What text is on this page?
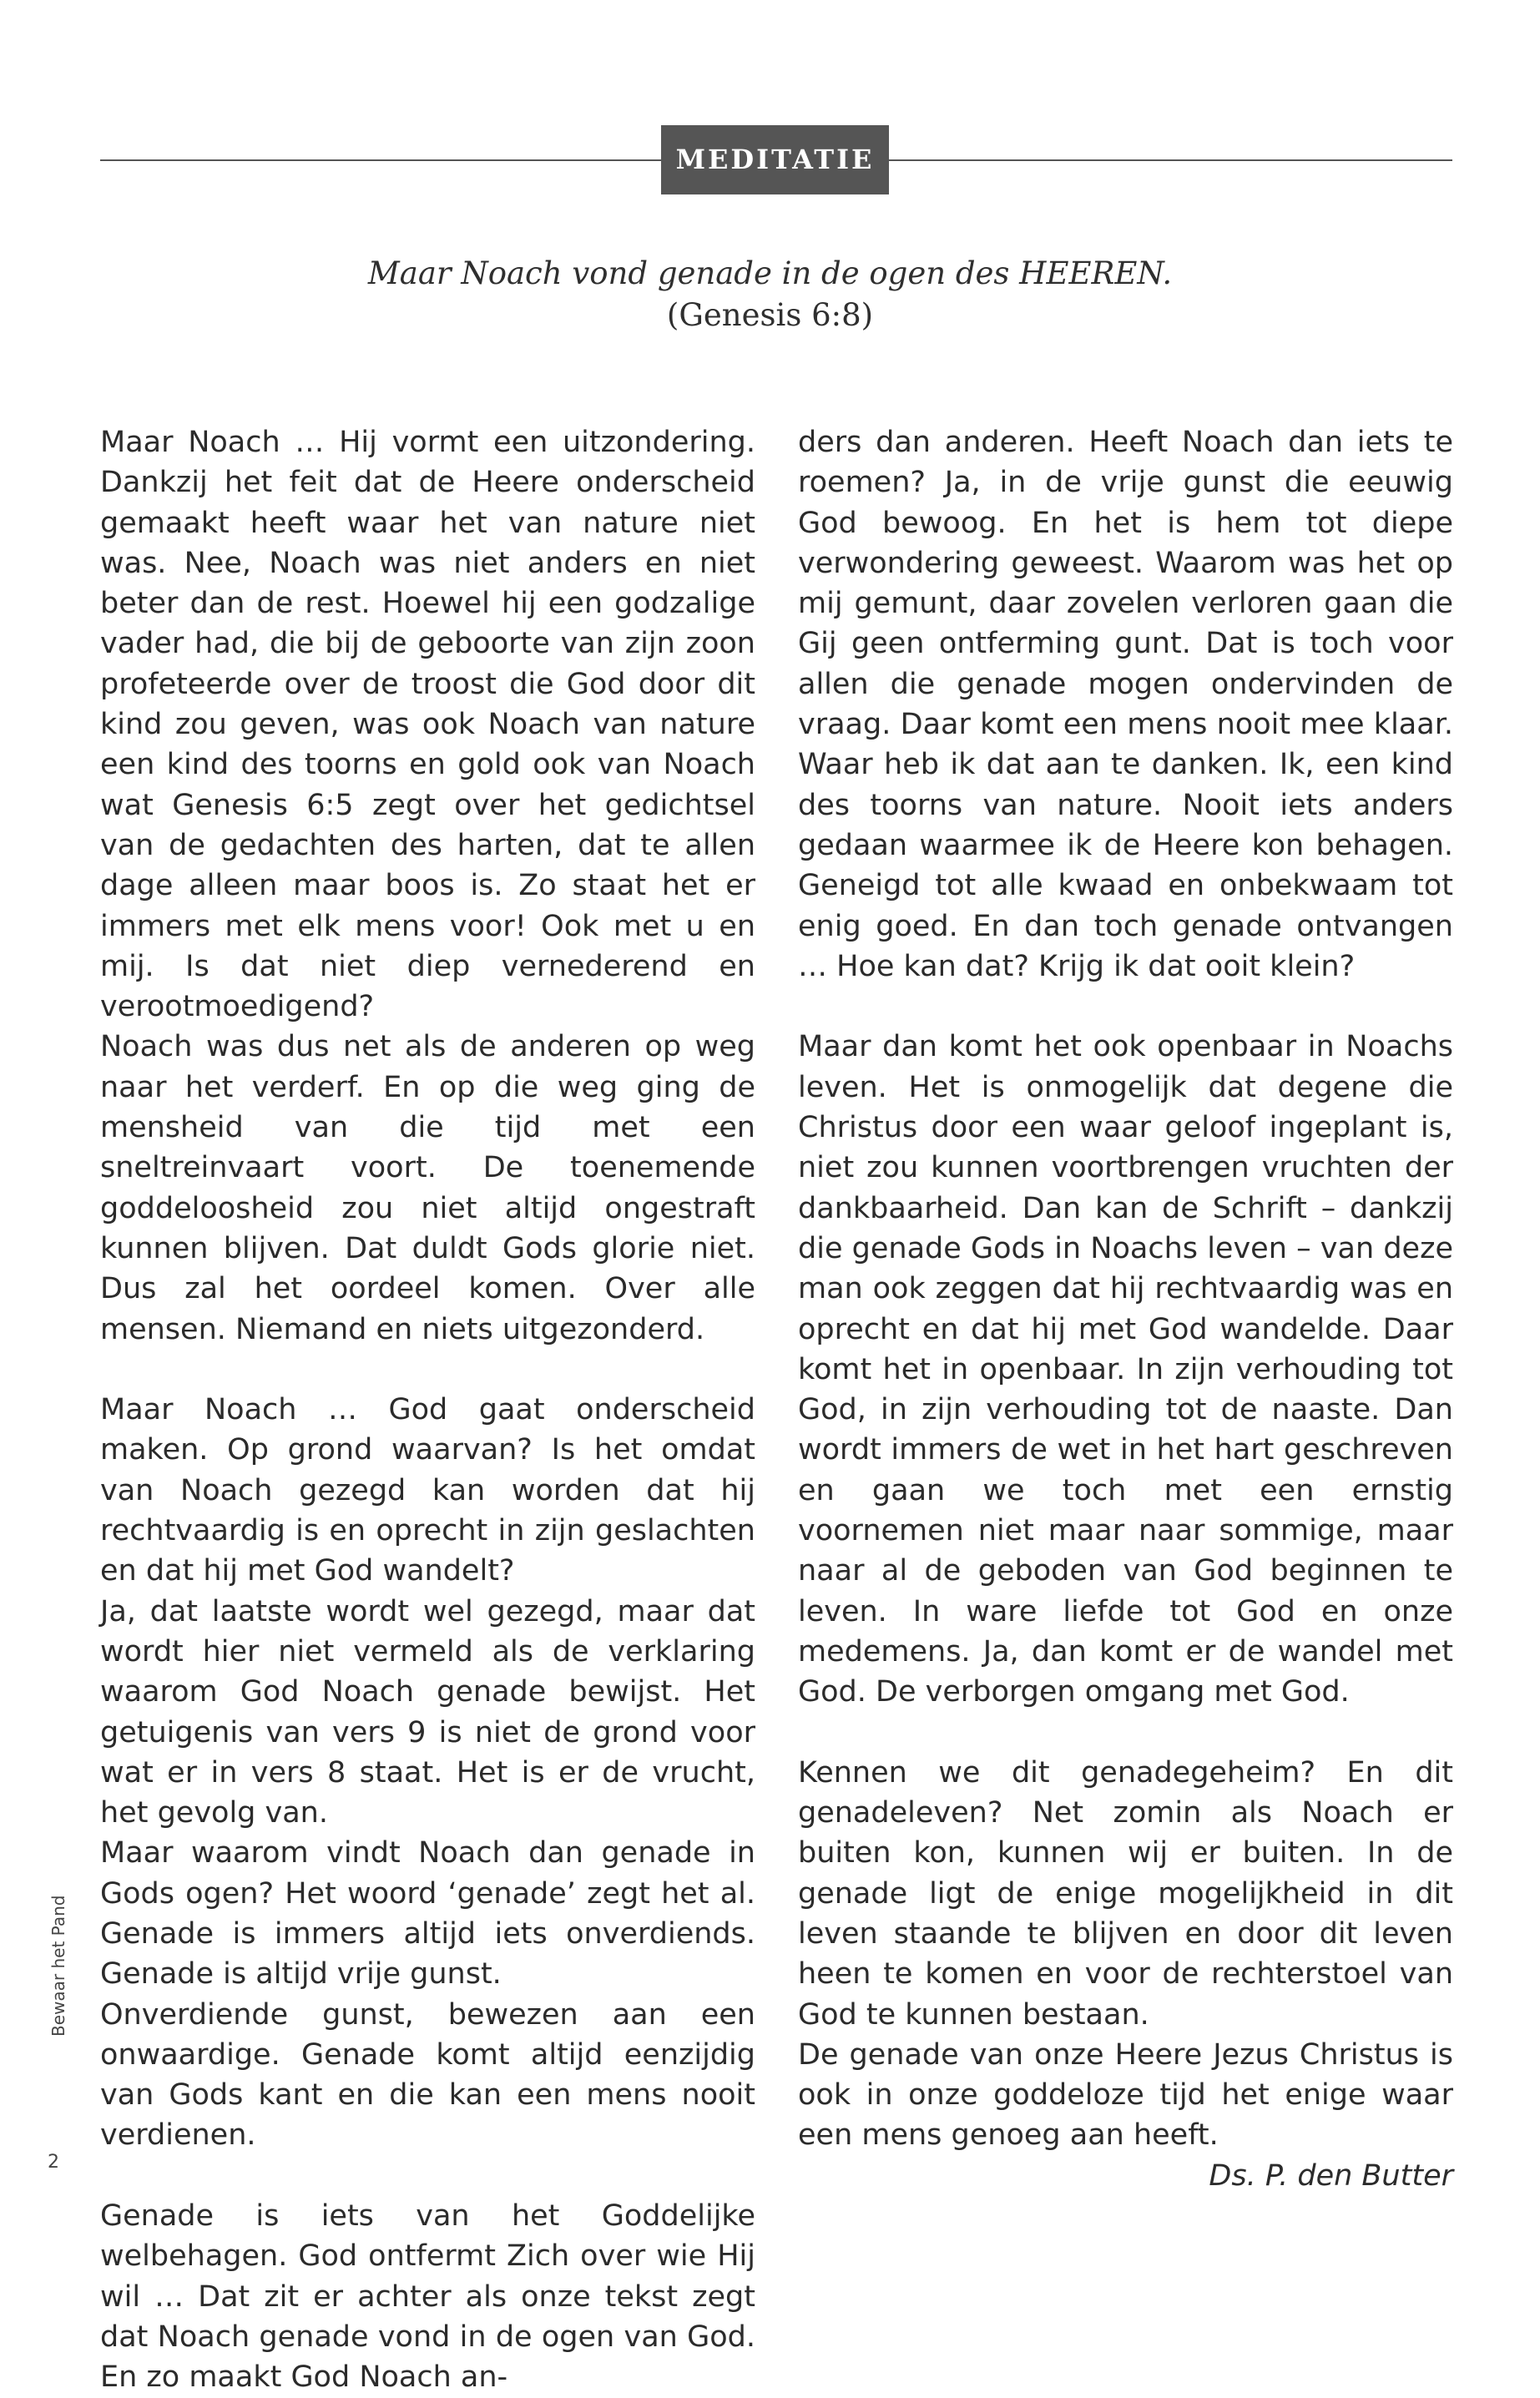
MEDITATIE
Maar Noach vond genade in de ogen des HEEREN.
(Genesis 6:8)

Maar Noach … Hij vormt een uitzondering. Dankzij het feit dat de Heere onderscheid gemaakt heeft waar het van nature niet was. Nee, Noach was niet anders en niet beter dan de rest. Hoewel hij een godzalige vader had, die bij de geboorte van zijn zoon profeteerde over de troost die God door dit kind zou geven, was ook Noach van nature een kind des toorns en gold ook van Noach wat Genesis 6:5 zegt over het gedichtsel van de gedachten des harten, dat te allen dage alleen maar boos is. Zo staat het er immers met elk mens voor! Ook met u en mij. Is dat niet diep vernederend en verootmoedigend?

Noach was dus net als de anderen op weg naar het verderf. En op die weg ging de mensheid van die tijd met een sneltreinvaart voort. De toenemende goddeloosheid zou niet altijd ongestraft kunnen blijven. Dat duldt Gods glorie niet. Dus zal het oordeel komen. Over alle mensen. Niemand en niets uitgezonderd.

Maar Noach … God gaat onderscheid maken. Op grond waarvan? Is het omdat van Noach gezegd kan worden dat hij rechtvaardig is en oprecht in zijn geslachten en dat hij met God wandelt?

Ja, dat laatste wordt wel gezegd, maar dat wordt hier niet vermeld als de verklaring waarom God Noach genade bewijst. Het getuigenis van vers 9 is niet de grond voor wat er in vers 8 staat. Het is er de vrucht, het gevolg van.

Maar waarom vindt Noach dan genade in Gods ogen? Het woord ‘genade’ zegt het al. Genade is immers altijd iets onverdiends. Genade is altijd vrije gunst.

Onverdiende gunst, bewezen aan een onwaardige. Genade komt altijd eenzijdig van Gods kant en die kan een mens nooit verdienen.

Genade is iets van het Goddelijke welbehagen. God ontfermt Zich over wie Hij wil … Dat zit er achter als onze tekst zegt dat Noach genade vond in de ogen van God. En zo maakt God Noach an-

ders dan anderen. Heeft Noach dan iets te roemen? Ja, in de vrije gunst die eeuwig God bewoog. En het is hem tot diepe verwondering geweest. Waarom was het op mij gemunt, daar zovelen verloren gaan die Gij geen ontferming gunt. Dat is toch voor allen die genade mogen ondervinden de vraag. Daar komt een mens nooit mee klaar. Waar heb ik dat aan te danken. Ik, een kind des toorns van nature. Nooit iets anders gedaan waarmee ik de Heere kon behagen. Geneigd tot alle kwaad en onbekwaam tot enig goed. En dan toch genade ontvangen … Hoe kan dat? Krijg ik dat ooit klein?

Maar dan komt het ook openbaar in Noachs leven. Het is onmogelijk dat degene die Christus door een waar geloof ingeplant is, niet zou kunnen voortbrengen vruchten der dankbaarheid. Dan kan de Schrift – dankzij die genade Gods in Noachs leven – van deze man ook zeggen dat hij rechtvaardig was en oprecht en dat hij met God wandelde. Daar komt het in openbaar. In zijn verhouding tot God, in zijn verhouding tot de naaste. Dan wordt immers de wet in het hart geschreven en gaan we toch met een ernstig voornemen niet maar naar sommige, maar naar al de geboden van God beginnen te leven. In ware liefde tot God en onze medemens. Ja, dan komt er de wandel met God. De verborgen omgang met God.

Kennen we dit genadegeheim? En dit genadeleven? Net zomin als Noach er buiten kon, kunnen wij er buiten. In de genade ligt de enige mogelijkheid in dit leven staande te blijven en door dit leven heen te komen en voor de rechterstoel van God te kunnen bestaan.

De genade van onze Heere Jezus Christus is ook in onze goddeloze tijd het enige waar een mens genoeg aan heeft.

Ds. P. den Butter

Bewaar het Pand
2
